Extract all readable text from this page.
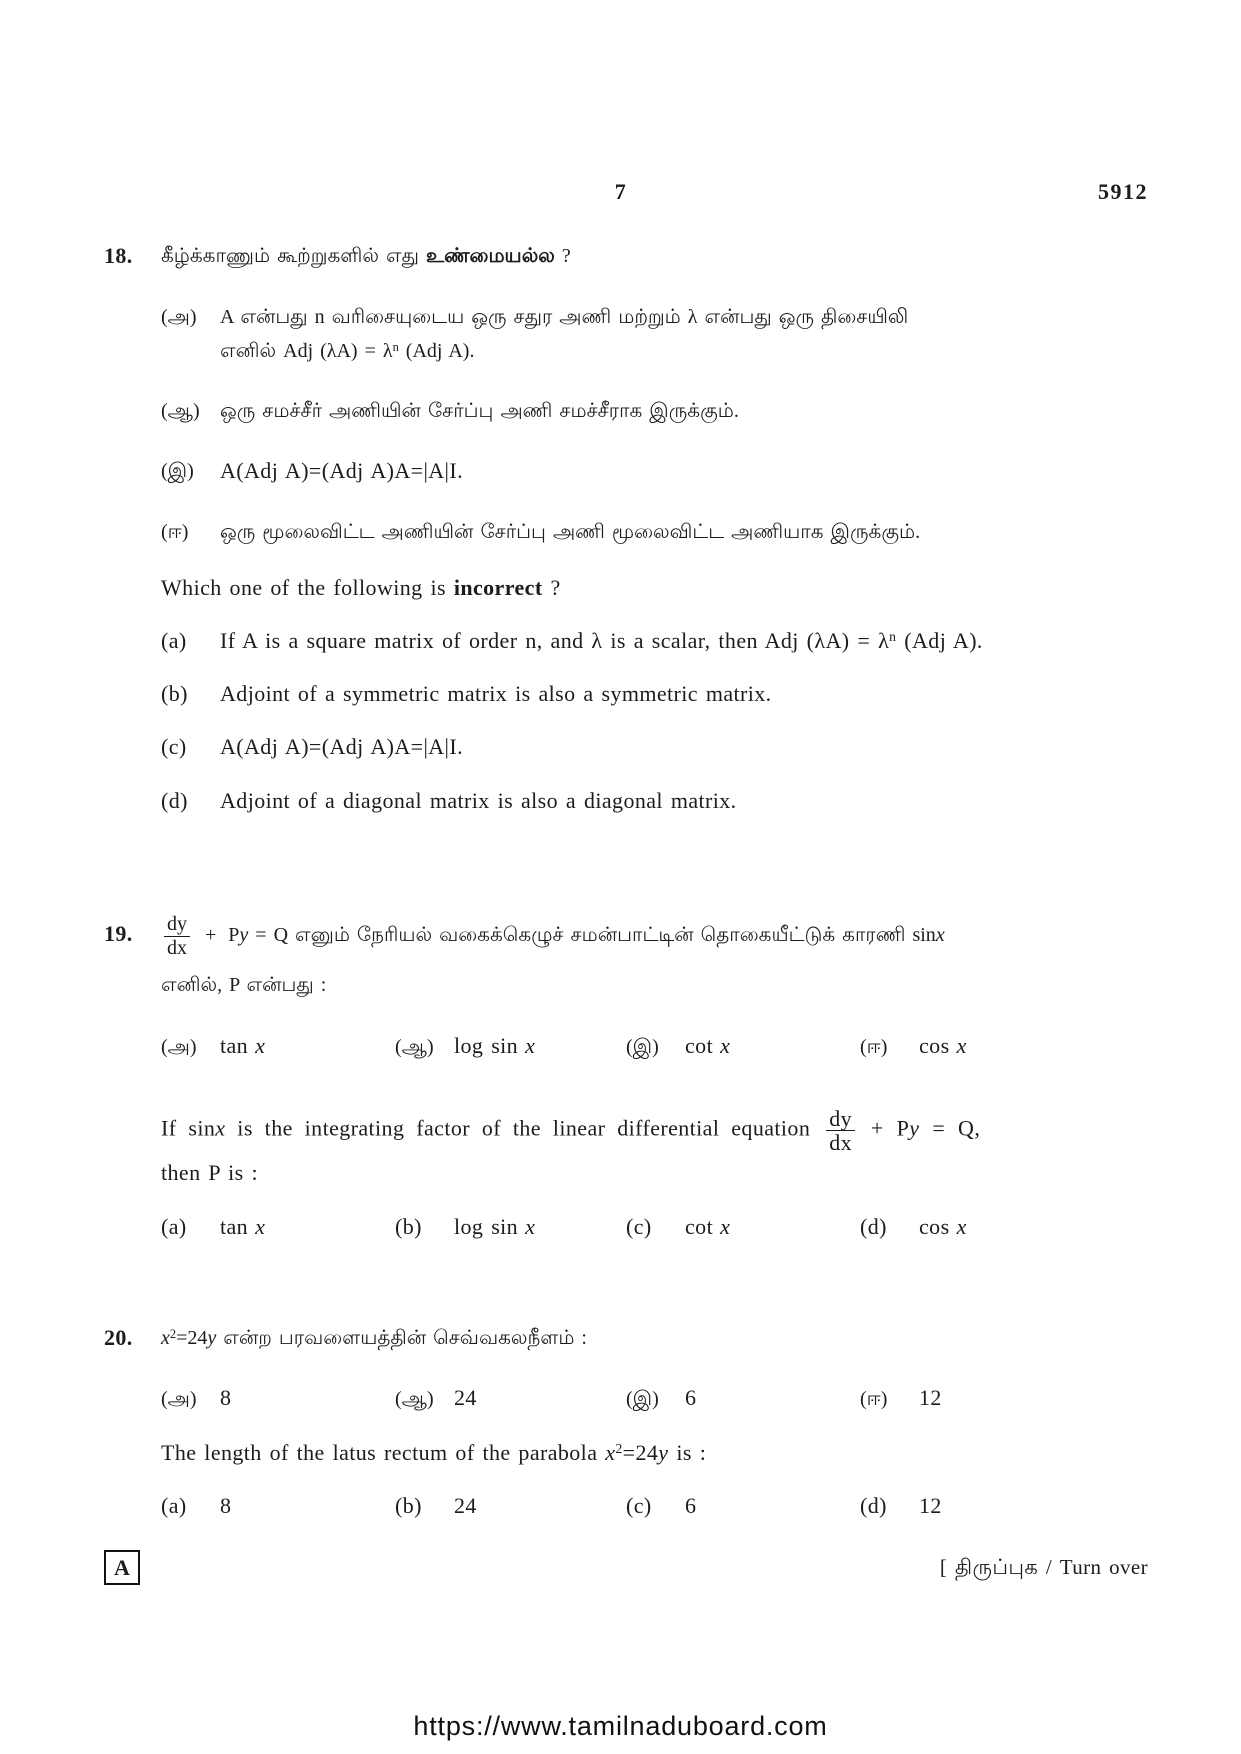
7	5912
18. கீழ்க்காணும் கூற்றுகளில் எது உண்மையல்ல ?
(அ) A என்பது n வரிசையுடைய ஒரு சதுர அணி மற்றும் λ என்பது ஒரு திசையிலி
எனில் Adj $(\lambda A) = \lambda^n$ (Adj A).
(ஆ) ஒரு சமச்சீர் அணியின் சேர்ப்பு அணி சமச்சீராக இருக்கும்.
(இ) A(Adj A)=(Adj A)A=|A|I.
(ஈ) ஒரு மூலைவிட்ட அணியின் சேர்ப்பு அணி மூலைவிட்ட அணியாக இருக்கும்.
Which one of the following is incorrect ?
(a) If A is a square matrix of order n, and λ is a scalar, then Adj $(\lambda A) = \lambda^n$ (Adj A).
(b) Adjoint of a symmetric matrix is also a symmetric matrix.
(c) A(Adj A)=(Adj A)A=|A|I.
(d) Adjoint of a diagonal matrix is also a diagonal matrix.
19. $\frac{dy}{dx} + Py = Q$ எனும் நேரியல் வகைக்கெழுச் சமன்பாட்டின் தொகையீட்டுக் காரணி sinx
எனில், P என்பது :
(அ) tan x	(ஆ) log sin x	(இ) cot x	(ஈ) cos x
If sinx is the integrating factor of the linear differential equation $\frac{dy}{dx} + Py = Q$,
then P is :
(a) tan x	(b) log sin x	(c) cot x	(d) cos x
20. $x^2=24y$ என்ற பரவளையத்தின் செவ்வகலநீளம் :
(அ) 8	(ஆ) 24	(இ) 6	(ஈ) 12
The length of the latus rectum of the parabola $x^2=24y$ is :
(a) 8	(b) 24	(c) 6	(d) 12
A	[ திருப்புக / Turn over
https://www.tamilnaduboard.com
